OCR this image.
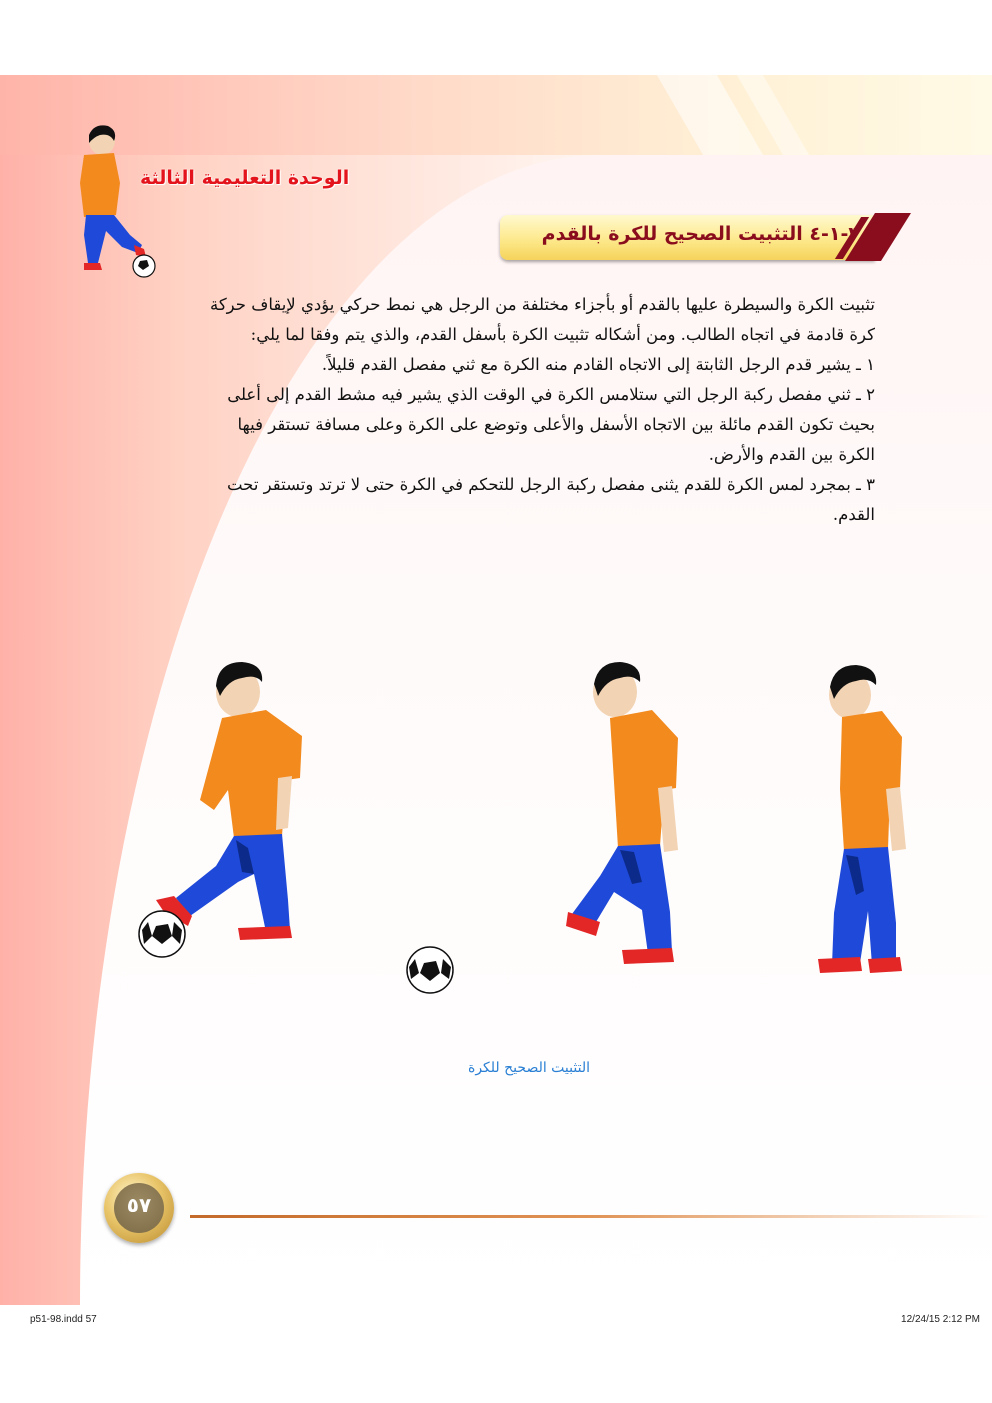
الوحدة التعليمية الثالثة
٣-١-٤ التثبيت الصحيح للكرة بالقدم

تثبيت الكرة والسيطرة عليها بالقدم أو بأجزاء مختلفة من الرجل هي نمط حركي يؤدي لإيقاف حركة

كرة قادمة في اتجاه الطالب. ومن أشكاله تثبيت الكرة بأسفل القدم، والذي يتم وفقا لما يلي:

١ ـ يشير قدم الرجل الثابتة إلى الاتجاه القادم منه الكرة مع ثني مفصل القدم قليلاً.

٢ ـ ثني مفصل ركبة الرجل التي ستلامس الكرة في الوقت الذي يشير فيه مشط القدم إلى أعلى

بحيث تكون القدم مائلة بين الاتجاه الأسفل والأعلى وتوضع على الكرة وعلى مسافة تستقر فيها

الكرة بين القدم والأرض.

٣ ـ بمجرد لمس الكرة للقدم يثنى مفصل ركبة الرجل للتحكم في الكرة حتى لا ترتد وتستقر تحت

القدم.

التثبيت الصحيح للكرة
٥٧
p51-98.indd 57	12/24/15 2:12 PM
